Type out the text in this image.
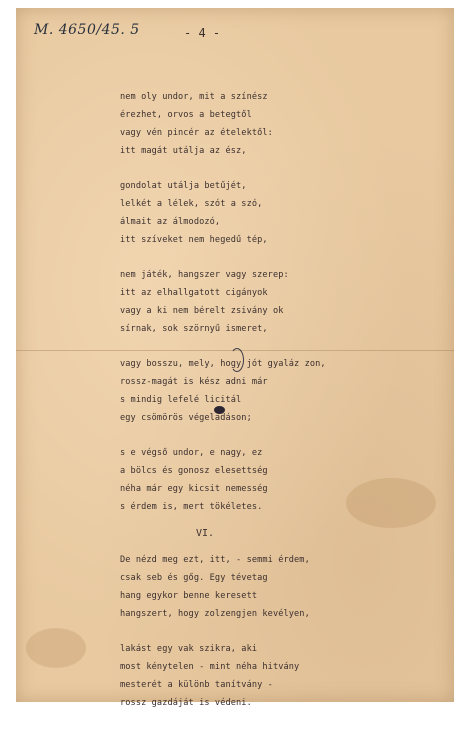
M. 4650/45. 5	- 4 -
nem oly undor, mit a színész
érezhet, orvos a betegtől
vagy vén pincér az ételektől:
itt magát utálja az ész,
gondolat utálja betűjét,
lelkét a lélek, szót a szó,
álmait az álmodozó,
itt szíveket nem hegedű tép,
nem játék, hangszer vagy szerep:
itt az elhallgatott cigányok
vagy a ki nem bérelt zsivány ok
sírnak, sok szörnyű ismeret,
vagy bosszu, mely, hogy jót gyaláz zon,
rossz-magát is kész adni már
s mindig lefelé licitál
egy csömörös végeladáson;
s e végső undor, e nagy, ez
a bölcs és gonosz elesettség
néha már egy kicsit nemesség
s érdem is, mert tökéletes.
VI.
De nézd meg ezt, itt, - semmi érdem,
csak seb és gőg. Egy tévetag
hang egykor benne keresett
hangszert, hogy zolzengjen kevélyen,
lakást egy vak szikra, aki
most kénytelen - mint néha hitvány
mesterét a különb tanítvány -
rossz gazdáját is védeni.
